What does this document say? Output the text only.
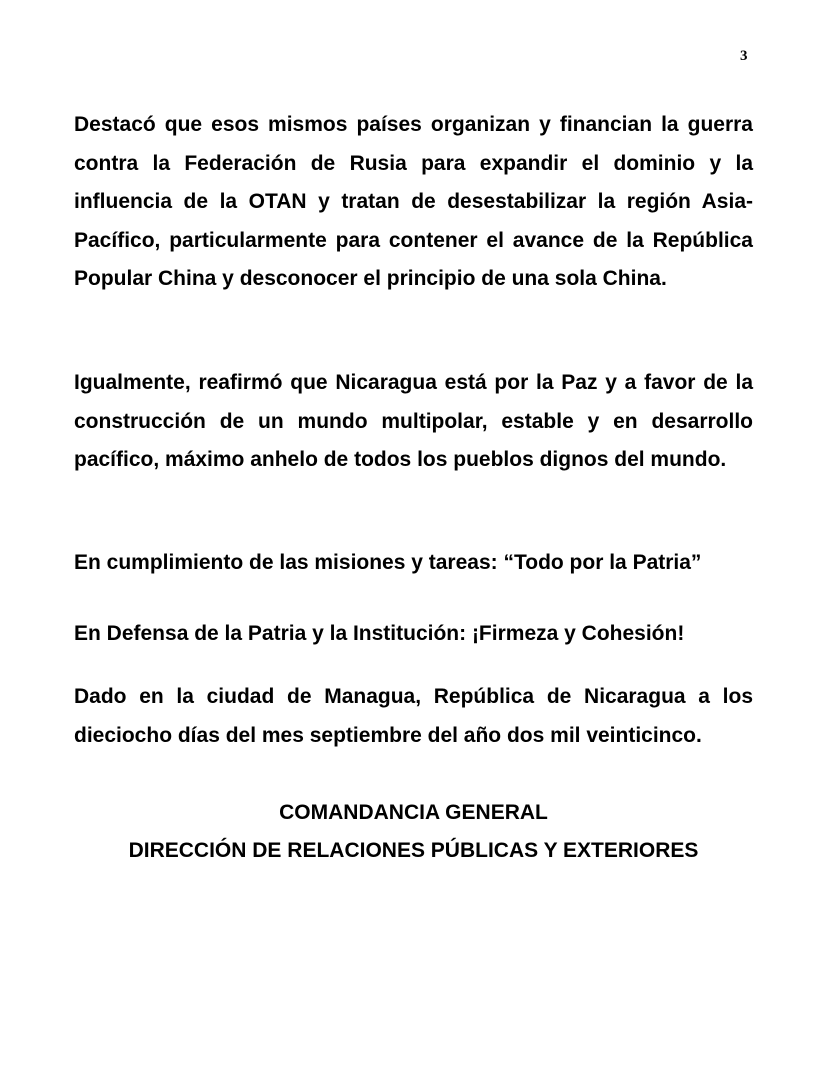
3

Destacó que esos mismos países organizan y financian la guerra contra la Federación de Rusia para expandir el dominio y la influencia de la OTAN y tratan de desestabilizar la región Asia-Pacífico, particularmente para contener el avance de la República Popular China y desconocer el principio de una sola China.

Igualmente, reafirmó que Nicaragua está por la Paz y a favor de la construcción de un mundo multipolar, estable y en desarrollo pacífico, máximo anhelo de todos los pueblos dignos del mundo.

En cumplimiento de las misiones y tareas: “Todo por la Patria”

En Defensa de la Patria y la Institución: ¡Firmeza y Cohesión!

Dado en la ciudad de Managua, República de Nicaragua a los dieciocho días del mes septiembre del año dos mil veinticinco.

COMANDANCIA GENERAL
DIRECCIÓN DE RELACIONES PÚBLICAS Y EXTERIORES
